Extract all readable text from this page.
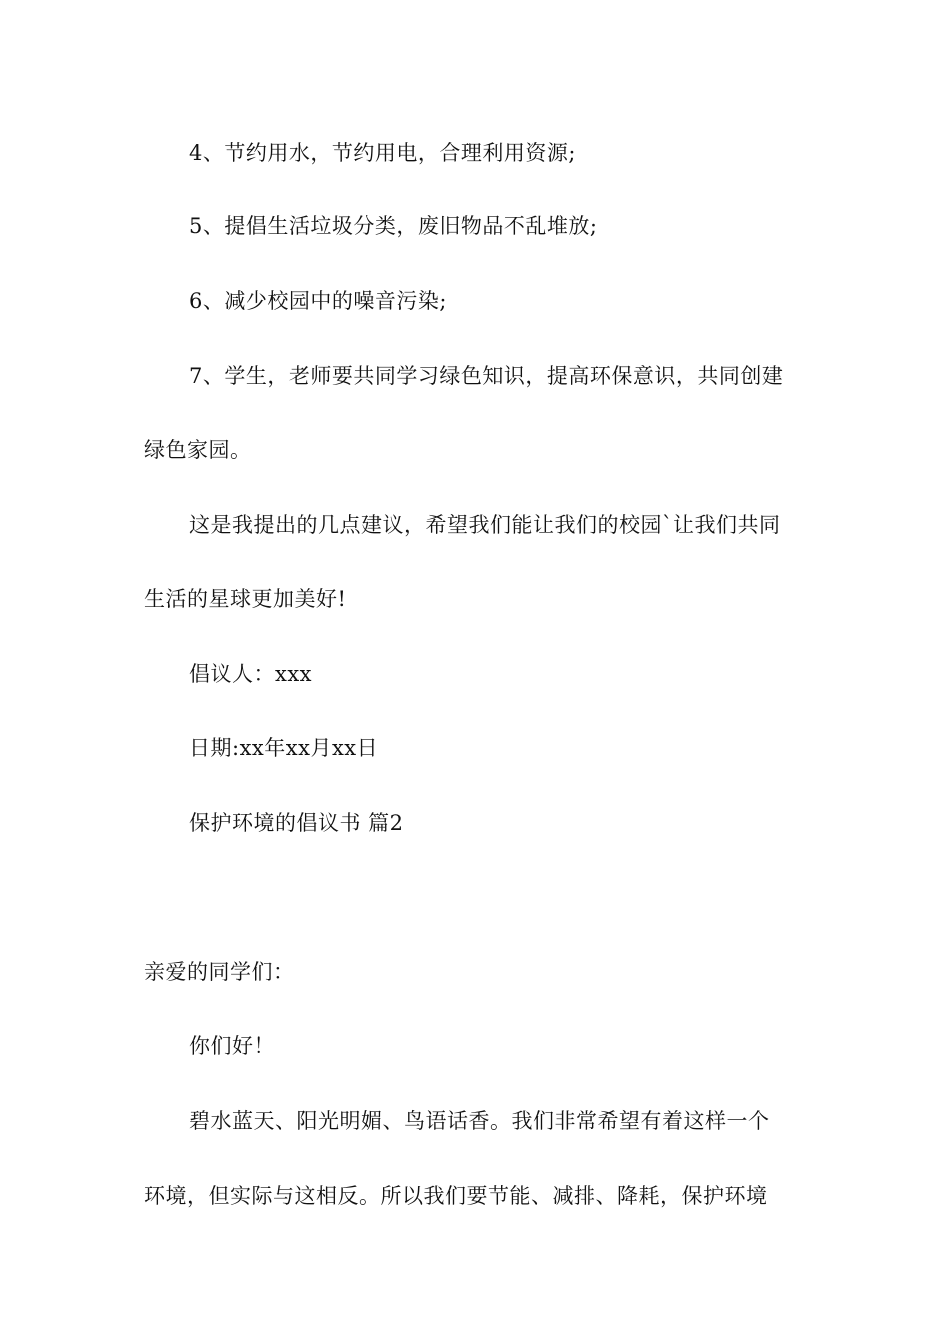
4、节约用水，节约用电，合理利用资源;
5、提倡生活垃圾分类，废旧物品不乱堆放;
6、减少校园中的噪音污染;
7、学生，老师要共同学习绿色知识，提高环保意识，共同创建
绿色家园。
这是我提出的几点建议，希望我们能让我们的校园`让我们共同
生活的星球更加美好!
倡议人：xxx
日期:xx年xx月xx日
保护环境的倡议书 篇2
亲爱的同学们：
你们好！
碧水蓝天、阳光明媚、鸟语话香。我们非常希望有着这样一个
环境，但实际与这相反。所以我们要节能、减排、降耗，保护环境
